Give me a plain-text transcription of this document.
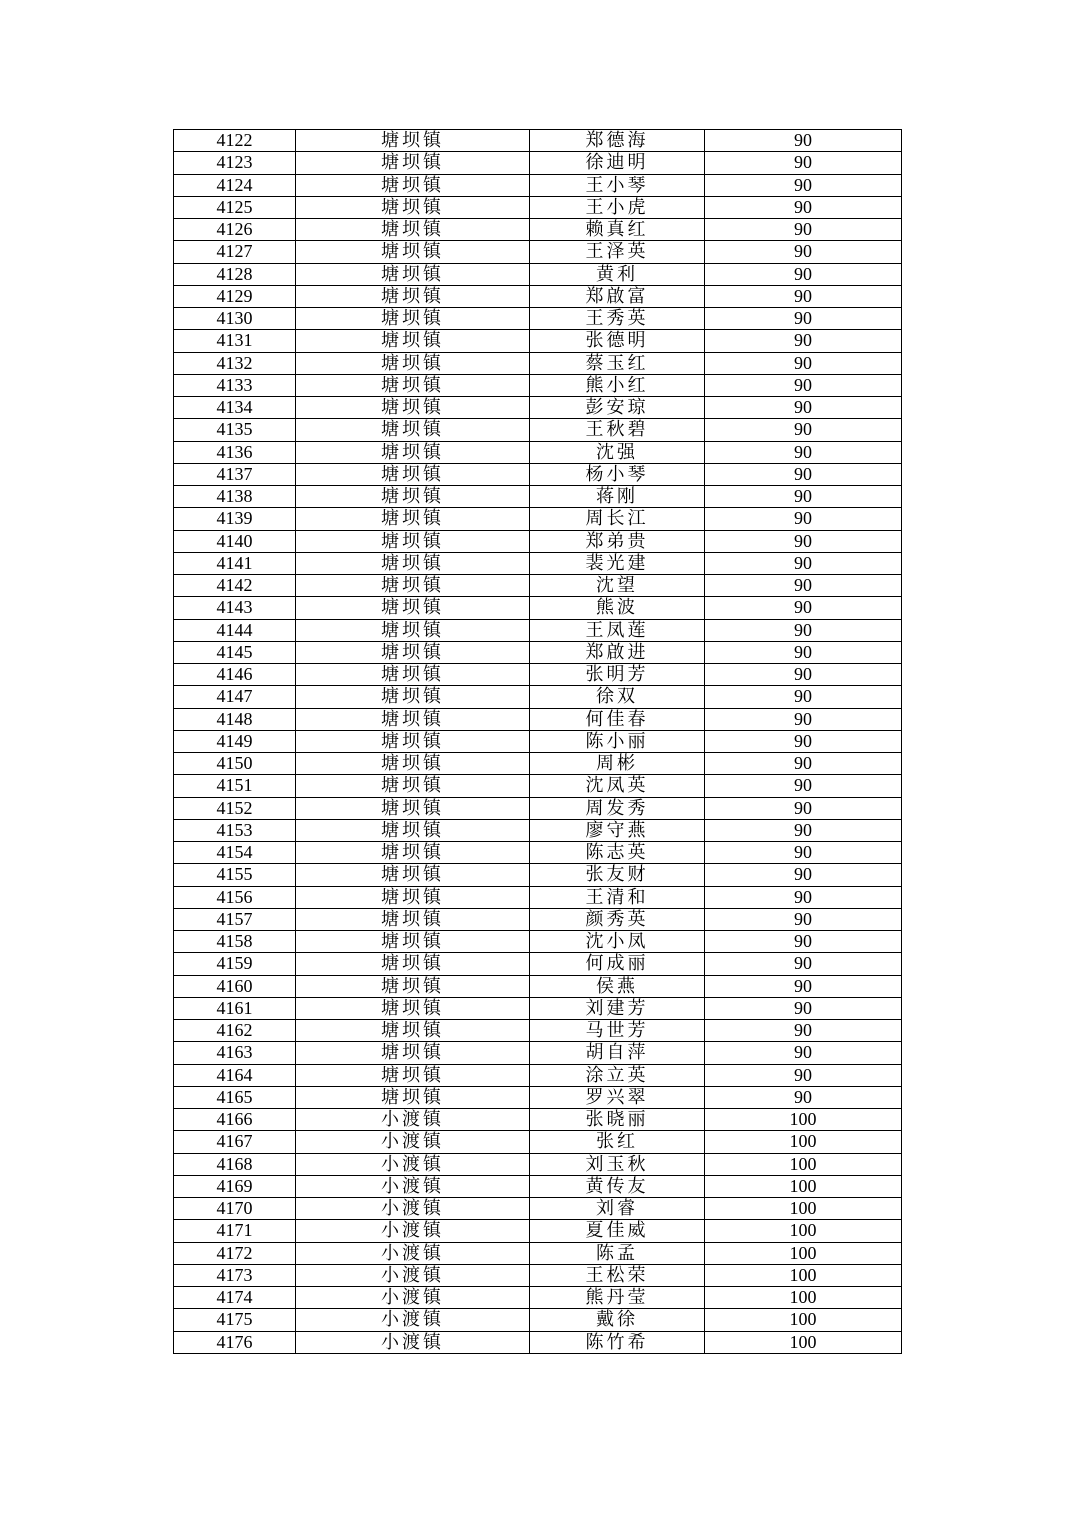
4122	塘坝镇	郑德海	90
4123	塘坝镇	徐迪明	90
4124	塘坝镇	王小琴	90
4125	塘坝镇	王小虎	90
4126	塘坝镇	赖真红	90
4127	塘坝镇	王泽英	90
4128	塘坝镇	黄利	90
4129	塘坝镇	郑啟富	90
4130	塘坝镇	王秀英	90
4131	塘坝镇	张德明	90
4132	塘坝镇	蔡玉红	90
4133	塘坝镇	熊小红	90
4134	塘坝镇	彭安琼	90
4135	塘坝镇	王秋碧	90
4136	塘坝镇	沈强	90
4137	塘坝镇	杨小琴	90
4138	塘坝镇	蒋刚	90
4139	塘坝镇	周长江	90
4140	塘坝镇	郑弟贵	90
4141	塘坝镇	裴光建	90
4142	塘坝镇	沈望	90
4143	塘坝镇	熊波	90
4144	塘坝镇	王凤莲	90
4145	塘坝镇	郑啟进	90
4146	塘坝镇	张明芳	90
4147	塘坝镇	徐双	90
4148	塘坝镇	何佳春	90
4149	塘坝镇	陈小丽	90
4150	塘坝镇	周彬	90
4151	塘坝镇	沈凤英	90
4152	塘坝镇	周发秀	90
4153	塘坝镇	廖守燕	90
4154	塘坝镇	陈志英	90
4155	塘坝镇	张友财	90
4156	塘坝镇	王清和	90
4157	塘坝镇	颜秀英	90
4158	塘坝镇	沈小凤	90
4159	塘坝镇	何成丽	90
4160	塘坝镇	侯燕	90
4161	塘坝镇	刘建芳	90
4162	塘坝镇	马世芳	90
4163	塘坝镇	胡自萍	90
4164	塘坝镇	涂立英	90
4165	塘坝镇	罗兴翠	90
4166	小渡镇	张晓丽	100
4167	小渡镇	张红	100
4168	小渡镇	刘玉秋	100
4169	小渡镇	黄传友	100
4170	小渡镇	刘睿	100
4171	小渡镇	夏佳威	100
4172	小渡镇	陈孟	100
4173	小渡镇	王松荣	100
4174	小渡镇	熊丹莹	100
4175	小渡镇	戴徐	100
4176	小渡镇	陈竹希	100
